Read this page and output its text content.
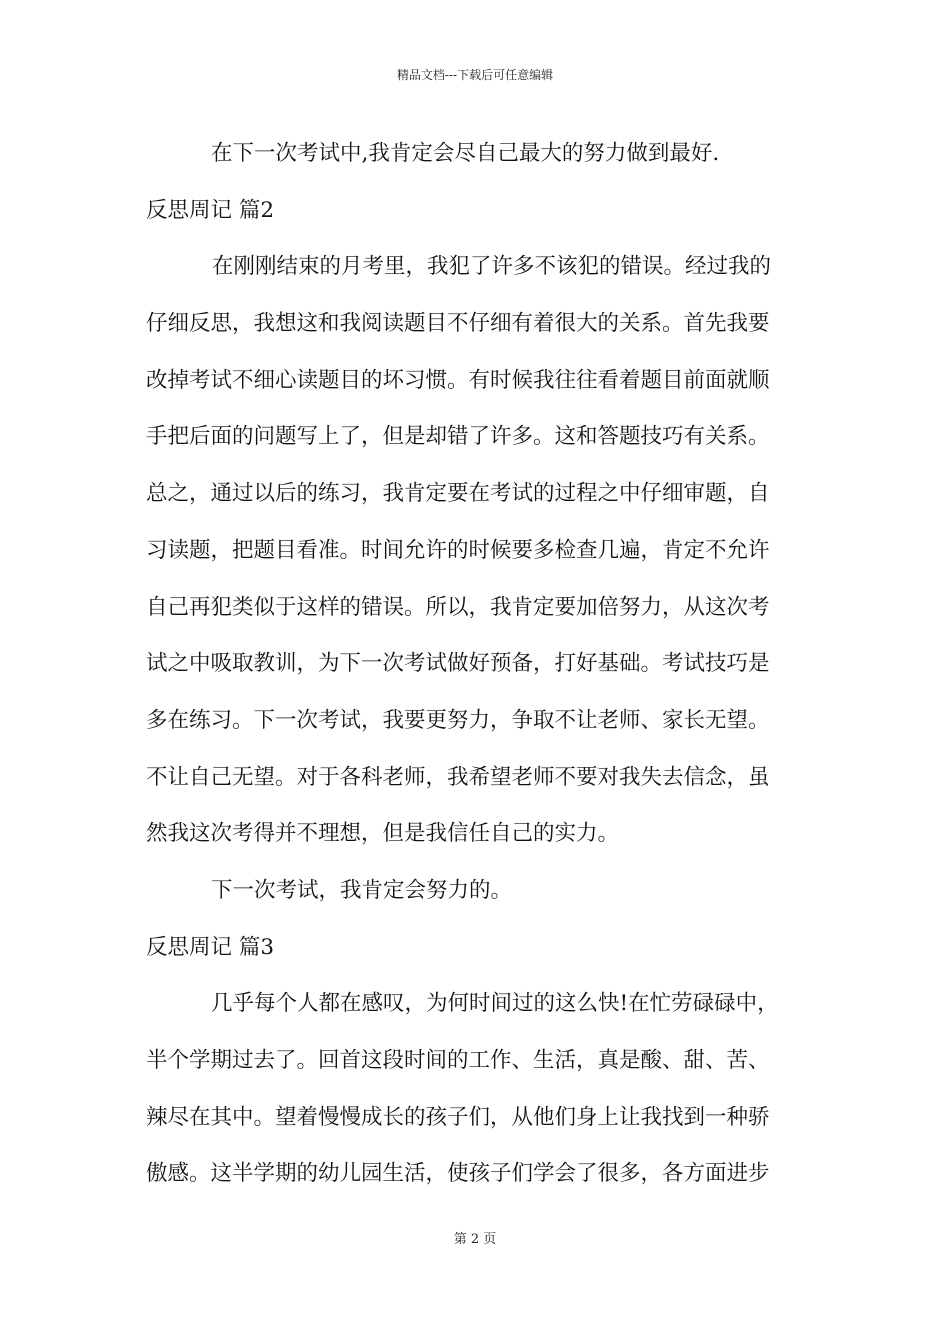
精品文档---下载后可任意编辑
在下一次考试中,我肯定会尽自己最大的努力做到最好.
反思周记 篇2
在刚刚结束的月考里，我犯了许多不该犯的错误。经过我的
仔细反思，我想这和我阅读题目不仔细有着很大的关系。首先我要
改掉考试不细心读题目的坏习惯。有时候我往往看着题目前面就顺
手把后面的问题写上了，但是却错了许多。这和答题技巧有关系。
总之，通过以后的练习，我肯定要在考试的过程之中仔细审题，自
习读题，把题目看准。时间允许的时候要多检查几遍，肯定不允许
自己再犯类似于这样的错误。所以，我肯定要加倍努力，从这次考
试之中吸取教训，为下一次考试做好预备，打好基础。考试技巧是
多在练习。下一次考试，我要更努力，争取不让老师、家长无望。
不让自己无望。对于各科老师，我希望老师不要对我失去信念，虽
然我这次考得并不理想，但是我信任自己的实力。
下一次考试，我肯定会努力的。
反思周记 篇3
几乎每个人都在感叹，为何时间过的这么快!在忙劳碌碌中，
半个学期过去了。回首这段时间的工作、生活，真是酸、甜、苦、
辣尽在其中。望着慢慢成长的孩子们，从他们身上让我找到一种骄
傲感。这半学期的幼儿园生活，使孩子们学会了很多，各方面进步
第 2 页
